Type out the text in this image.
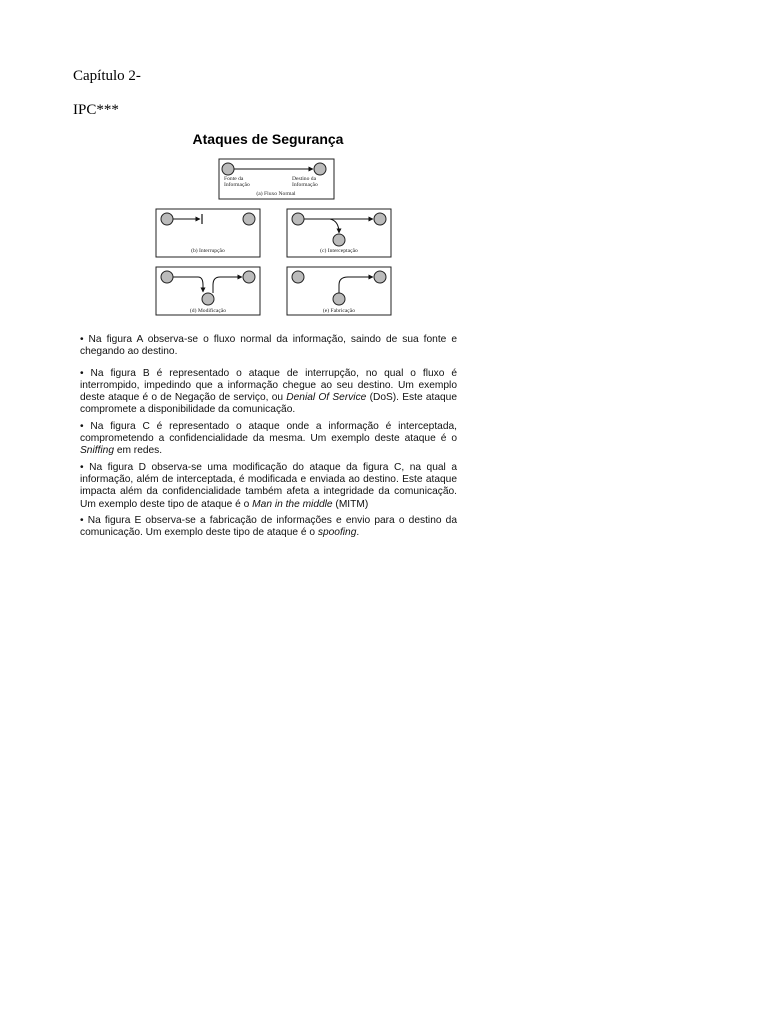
Capítulo 2-
IPC***
Ataques de Segurança
Fonte da
Informação
Destino da
Informação
(a) Fluxo Normal
(b) Interrupção	(c) Interceptação
(d) Modificação	(e) Fabricação

• Na figura A observa-se o fluxo normal da informação, saindo de sua fonte e chegando ao destino.

• Na figura B é representado o ataque de interrupção, no qual o fluxo é interrompido, impedindo que a informação chegue ao seu destino. Um exemplo deste ataque é o de Negação de serviço, ou Denial Of Service (DoS). Este ataque compromete a disponibilidade da comunicação.

• Na figura C é representado o ataque onde a informação é interceptada, comprometendo a confidencialidade da mesma. Um exemplo deste ataque é o Sniffing em redes.

• Na figura D observa-se uma modificação do ataque da figura C, na qual a informação, além de interceptada, é modificada e enviada ao destino. Este ataque impacta além da confidencialidade também afeta a integridade da comunicação. Um exemplo deste tipo de ataque é o Man in the middle (MITM)

• Na figura E observa-se a fabricação de informações e envio para o destino da comunicação. Um exemplo deste tipo de ataque é o spoofing.
